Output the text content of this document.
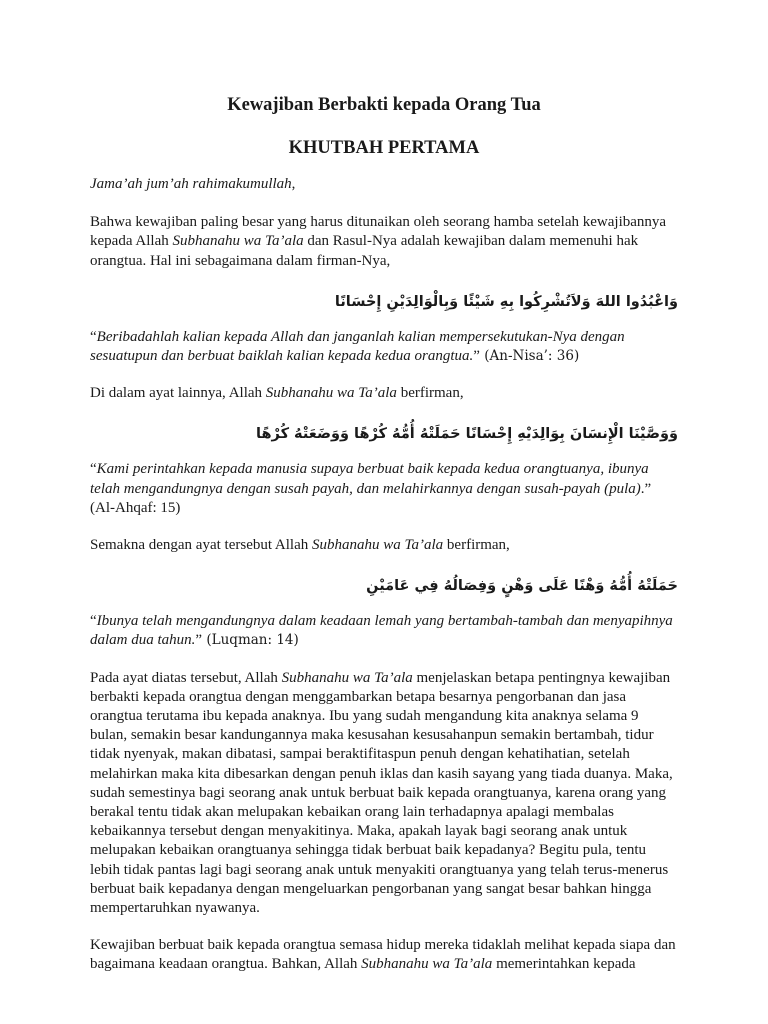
Kewajiban Berbakti kepada Orang Tua
KHUTBAH PERTAMA

Jama’ah jum’ah rahimakumullah,

Bahwa kewajiban paling besar yang harus ditunaikan oleh seorang hamba setelah kewajibannya kepada Allah Subhanahu wa Ta’ala dan Rasul-Nya adalah kewajiban dalam memenuhi hak orangtua. Hal ini sebagaimana dalam firman-Nya,

وَاعْبُدُوا اللهَ وَلاَتُشْرِكُوا بِهِ شَيْئًا وَبِالْوَالِدَيْنِ إِحْسَانًا

“Beribadahlah kalian kepada Allah dan janganlah kalian mempersekutukan-Nya dengan sesuatupun dan berbuat baiklah kalian kepada kedua orangtua.” (An-Nisa’: 36)

Di dalam ayat lainnya, Allah Subhanahu wa Ta’ala berfirman,

وَوَصَّيْنَا الْإِنسَانَ بِوَالِدَيْهِ إِحْسَانًا حَمَلَتْهُ أُمُّهُ كُرْهًا وَوَضَعَتْهُ كُرْهًا

“Kami perintahkan kepada manusia supaya berbuat baik kepada kedua orangtuanya, ibunya telah mengandungnya dengan susah payah, dan melahirkannya dengan susah-payah (pula).”
(Al-Ahqaf: 15)

Semakna dengan ayat tersebut Allah Subhanahu wa Ta’ala berfirman,

حَمَلَتْهُ أُمُّهُ وَهْنًا عَلَى وَهْنٍ وَفِصَالُهُ فِي عَامَيْنِ

“Ibunya telah mengandungnya dalam keadaan lemah yang bertambah-tambah dan menyapihnya dalam dua tahun.” (Luqman: 14)

Pada ayat diatas tersebut, Allah Subhanahu wa Ta’ala menjelaskan betapa pentingnya kewajiban berbakti kepada orangtua dengan menggambarkan betapa besarnya pengorbanan dan jasa orangtua terutama ibu kepada anaknya. Ibu yang sudah mengandung kita anaknya selama 9 bulan, semakin besar kandungannya maka kesusahan kesusahanpun semakin bertambah, tidur tidak nyenyak, makan dibatasi, sampai beraktifitaspun penuh dengan kehatihatian, setelah melahirkan maka kita dibesarkan dengan penuh iklas dan kasih sayang yang tiada duanya. Maka, sudah semestinya bagi seorang anak untuk berbuat baik kepada orangtuanya, karena orang yang berakal tentu tidak akan melupakan kebaikan orang lain terhadapnya apalagi membalas kebaikannya tersebut dengan menyakitinya. Maka, apakah layak bagi seorang anak untuk melupakan kebaikan orangtuanya sehingga tidak berbuat baik kepadanya? Begitu pula, tentu lebih tidak pantas lagi bagi seorang anak untuk menyakiti orangtuanya yang telah terus-menerus berbuat baik kepadanya dengan mengeluarkan pengorbanan yang sangat besar bahkan hingga mempertaruhkan nyawanya.

Kewajiban berbuat baik kepada orangtua semasa hidup mereka tidaklah melihat kepada siapa dan bagaimana keadaan orangtua. Bahkan, Allah Subhanahu wa Ta’ala memerintahkan kepada
